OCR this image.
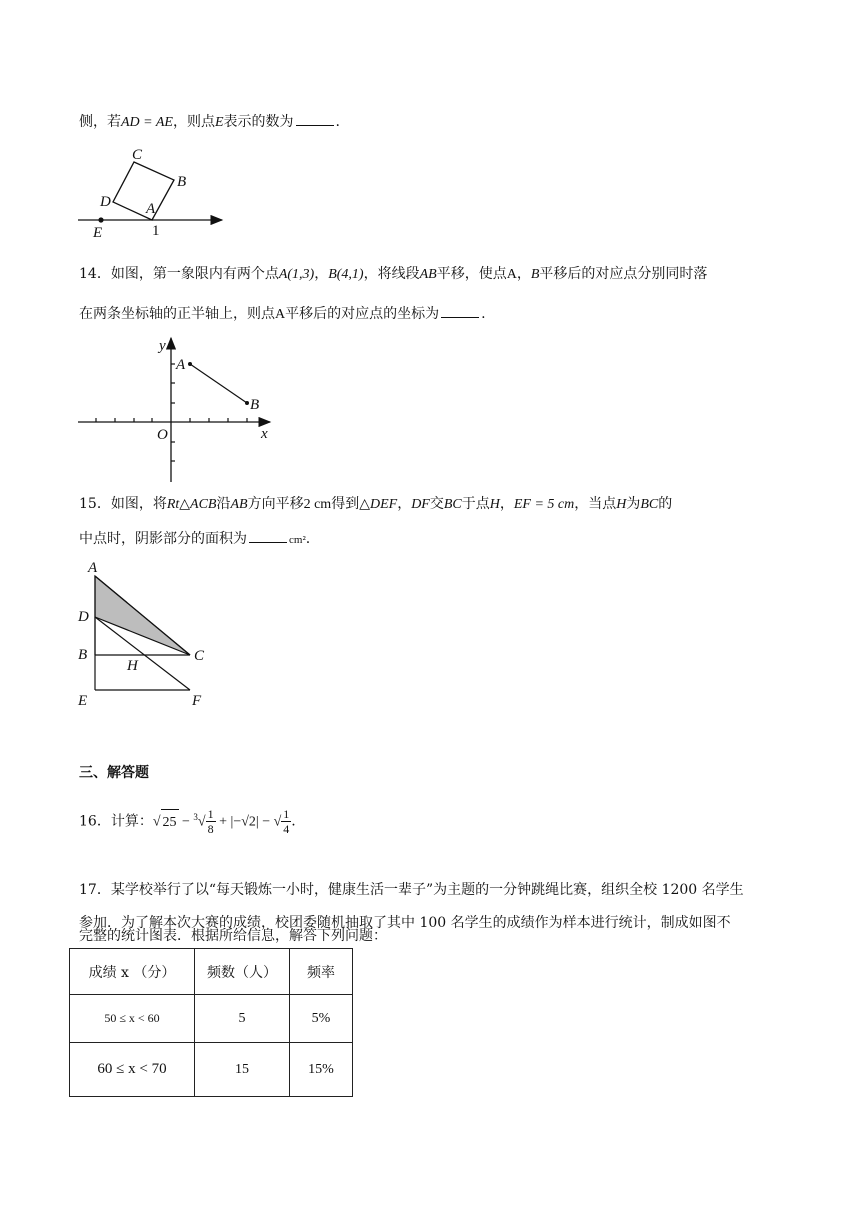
侧，若AD = AE，则点E表示的数为	.
C
B
D A
E	1
14．如图，第一象限内有两个点A(1,3)，B(4,1)，将线段AB平移，使点A，B平移后的对应点分别同时落
在两条坐标轴的正半轴上，则点A平移后的对应点的坐标为	.
y
x
O
A
B
15．如图，将Rt△ACB沿AB方向平移2 cm得到△DEF，DF交BC于点H，EF = 5 cm，当点H为BC的
中点时，阴影部分的面积为	cm².
A
D
B	C
H
E	F
三、解答题
16．计算：√ $25 - ^3√ \frac{1}{8} + |-√2|$ − √ $\frac{1}{4}$ .
17．某学校举行了以“每天锻炼一小时，健康生活一辈子”为主题的一分钟跳绳比赛，组织全校 1200 名学生
参加．为了解本次大赛的成绩，校团委随机抽取了其中 100 名学生的成绩作为样本进行统计，制成如图不
完整的统计图表．根据所给信息，解答下列问题：
成绩 x （分）	频数（人）	频率
50 ≤ x < 60	5	5%
60 ≤ x < 70	15	15%
